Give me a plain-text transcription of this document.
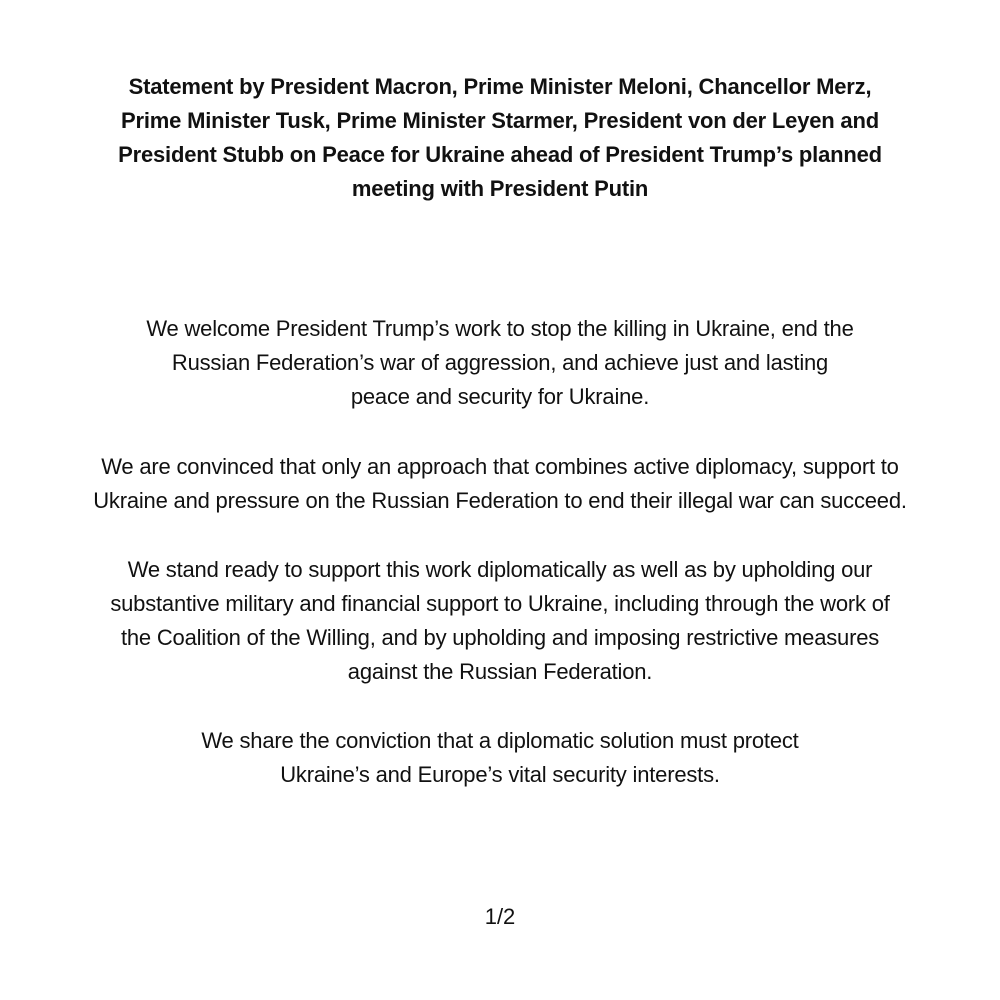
Statement by President Macron, Prime Minister Meloni, Chancellor Merz,
Prime Minister Tusk, Prime Minister Starmer, President von der Leyen and
President Stubb on Peace for Ukraine ahead of President Trump’s planned
meeting with President Putin
We welcome President Trump’s work to stop the killing in Ukraine, end the
Russian Federation’s war of aggression, and achieve just and lasting
peace and security for Ukraine.
We are convinced that only an approach that combines active diplomacy, support to
Ukraine and pressure on the Russian Federation to end their illegal war can succeed.
We stand ready to support this work diplomatically as well as by upholding our
substantive military and financial support to Ukraine, including through the work of
the Coalition of the Willing, and by upholding and imposing restrictive measures
against the Russian Federation.
We share the conviction that a diplomatic solution must protect
Ukraine’s and Europe’s vital security interests.
1/2
